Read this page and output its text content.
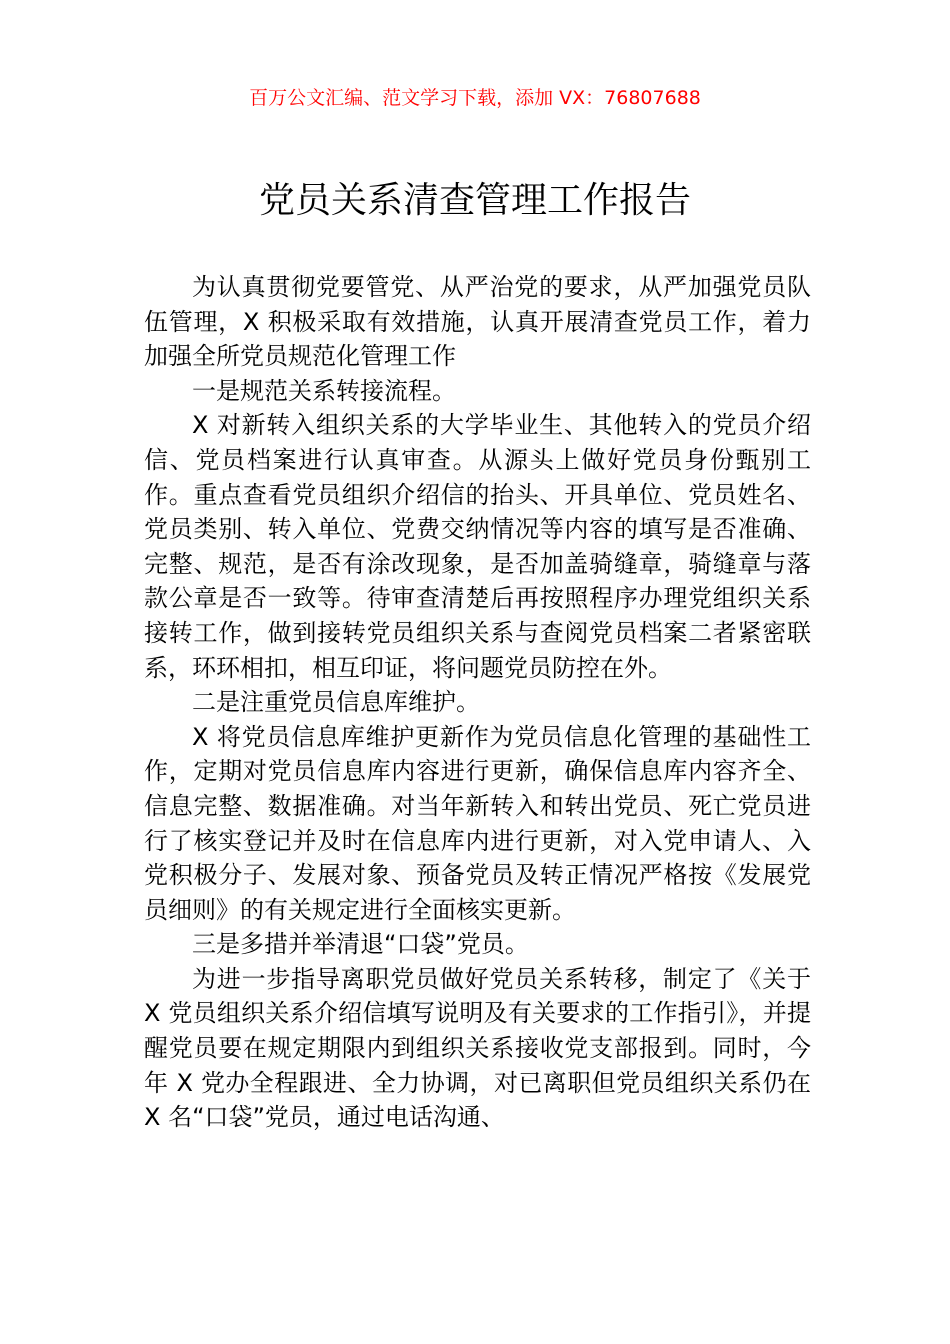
百万公文汇编、范文学习下载，添加 VX：76807688
党员关系清查管理工作报告

为认真贯彻党要管党、从严治党的要求，从严加强党员队伍管理，X 积极采取有效措施，认真开展清查党员工作，着力加强全所党员规范化管理工作

一是规范关系转接流程。

X 对新转入组织关系的大学毕业生、其他转入的党员介绍信、党员档案进行认真审查。从源头上做好党员身份甄别工作。重点查看党员组织介绍信的抬头、开具单位、党员姓名、党员类别、转入单位、党费交纳情况等内容的填写是否准确、完整、规范，是否有涂改现象，是否加盖骑缝章，骑缝章与落款公章是否一致等。待审查清楚后再按照程序办理党组织关系接转工作，做到接转党员组织关系与查阅党员档案二者紧密联系，环环相扣，相互印证，将问题党员防控在外。

二是注重党员信息库维护。

X 将党员信息库维护更新作为党员信息化管理的基础性工作，定期对党员信息库内容进行更新，确保信息库内容齐全、信息完整、数据准确。对当年新转入和转出党员、死亡党员进行了核实登记并及时在信息库内进行更新，对入党申请人、入党积极分子、发展对象、预备党员及转正情况严格按《发展党员细则》的有关规定进行全面核实更新。

三是多措并举清退“口袋”党员。

为进一步指导离职党员做好党员关系转移，制定了《关于 X 党员组织关系介绍信填写说明及有关要求的工作指引》，并提醒党员要在规定期限内到组织关系接收党支部报到。同时，今年 X 党办全程跟进、全力协调，对已离职但党员组织关系仍在 X 名“口袋”党员，通过电话沟通、
